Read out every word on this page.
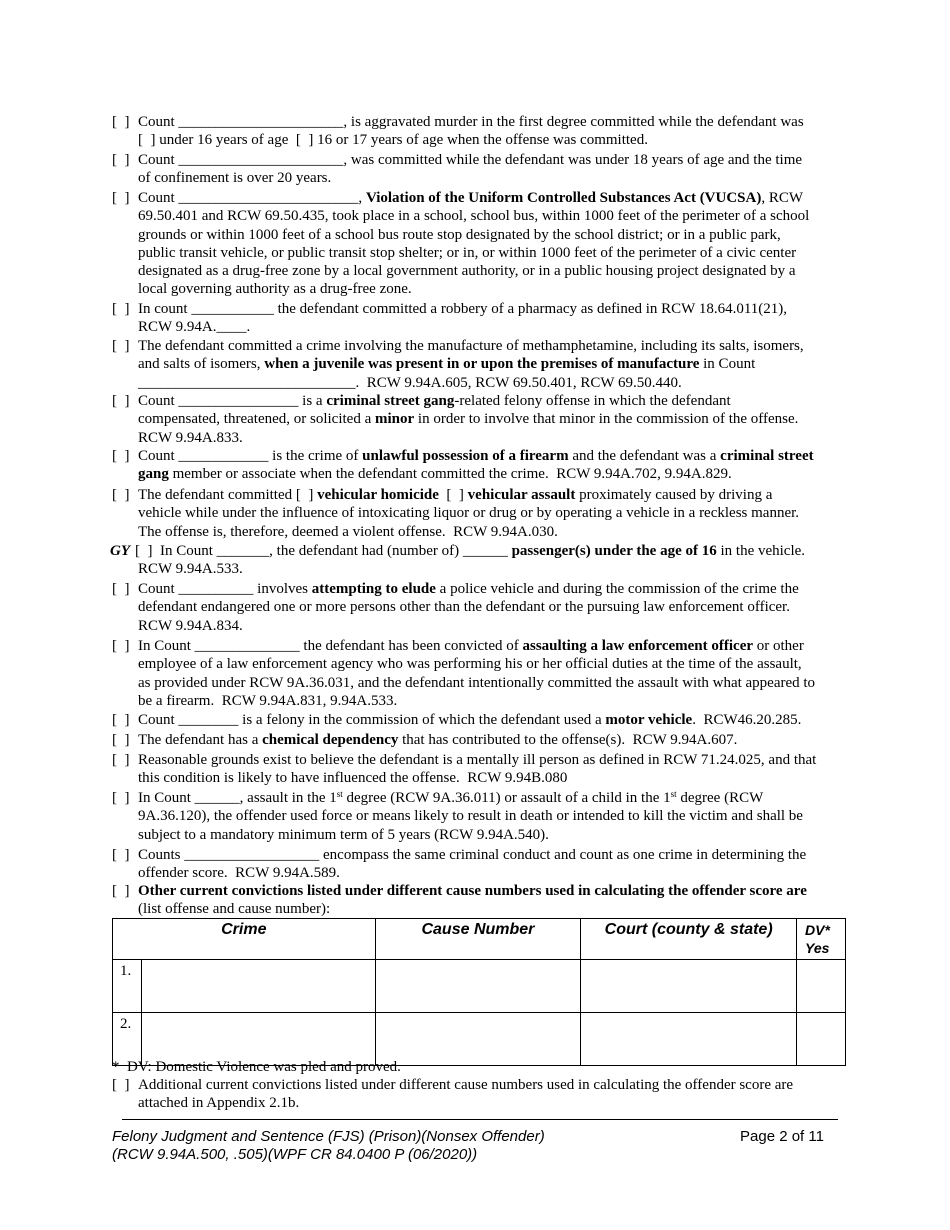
[  ] Count ______________________, is aggravated murder in the first degree committed while the defendant was
[  ] under 16 years of age  [  ] 16 or 17 years of age when the offense was committed.
[  ] Count ______________________, was committed while the defendant was under 18 years of age and the time
of confinement is over 20 years.
[  ] Count ________________________, Violation of the Uniform Controlled Substances Act (VUCSA), RCW
69.50.401 and RCW 69.50.435, took place in a school, school bus, within 1000 feet of the perimeter of a school
grounds or within 1000 feet of a school bus route stop designated by the school district; or in a public park,
public transit vehicle, or public transit stop shelter; or in, or within 1000 feet of the perimeter of a civic center
designated as a drug-free zone by a local government authority, or in a public housing project designated by a
local governing authority as a drug-free zone.
[  ] In count ___________ the defendant committed a robbery of a pharmacy as defined in RCW 18.64.011(21),
RCW 9.94A.____.
[  ] The defendant committed a crime involving the manufacture of methamphetamine, including its salts, isomers,
and salts of isomers, when a juvenile was present in or upon the premises of manufacture in Count
_____________________________.  RCW 9.94A.605, RCW 69.50.401, RCW 69.50.440.
[  ] Count ________________ is a criminal street gang-related felony offense in which the defendant
compensated, threatened, or solicited a minor in order to involve that minor in the commission of the offense.
RCW 9.94A.833.
[  ] Count ____________ is the crime of unlawful possession of a firearm and the defendant was a criminal street
gang member or associate when the defendant committed the crime.  RCW 9.94A.702, 9.94A.829.
[  ] The defendant committed [  ] vehicular homicide  [  ] vehicular assault proximately caused by driving a
vehicle while under the influence of intoxicating liquor or drug or by operating a vehicle in a reckless manner.
The offense is, therefore, deemed a violent offense.  RCW 9.94A.030.
GY [  ]  In Count _______, the defendant had (number of) ______ passenger(s) under the age of 16 in the vehicle.
RCW 9.94A.533.
[  ] Count __________ involves attempting to elude a police vehicle and during the commission of the crime the
defendant endangered one or more persons other than the defendant or the pursuing law enforcement officer.
RCW 9.94A.834.
[  ] In Count ______________ the defendant has been convicted of assaulting a law enforcement officer or other
employee of a law enforcement agency who was performing his or her official duties at the time of the assault,
as provided under RCW 9A.36.031, and the defendant intentionally committed the assault with what appeared to
be a firearm.  RCW 9.94A.831, 9.94A.533.
[  ] Count ________ is a felony in the commission of which the defendant used a motor vehicle.  RCW46.20.285.
[  ] The defendant has a chemical dependency that has contributed to the offense(s).  RCW 9.94A.607.
[  ] Reasonable grounds exist to believe the defendant is a mentally ill person as defined in RCW 71.24.025, and that
this condition is likely to have influenced the offense.  RCW 9.94B.080
[  ] In Count ______, assault in the 1st degree (RCW 9A.36.011) or assault of a child in the 1st degree (RCW
9A.36.120), the offender used force or means likely to result in death or intended to kill the victim and shall be
subject to a mandatory minimum term of 5 years (RCW 9.94A.540).
[  ] Counts __________________ encompass the same criminal conduct and count as one crime in determining the
offender score.  RCW 9.94A.589.
[  ] Other current convictions listed under different cause numbers used in calculating the offender score are
(list offense and cause number):
Crime		Cause Number	Court (county & state)	DV*
Yes
1.				
2.				
*  DV: Domestic Violence was pled and proved.
[  ] Additional current convictions listed under different cause numbers used in calculating the offender score are
attached in Appendix 2.1b.
Felony Judgment and Sentence (FJS) (Prison)(Nonsex Offender)
(RCW 9.94A.500, .505)(WPF CR 84.0400 P (06/2020))
Page 2 of 11
